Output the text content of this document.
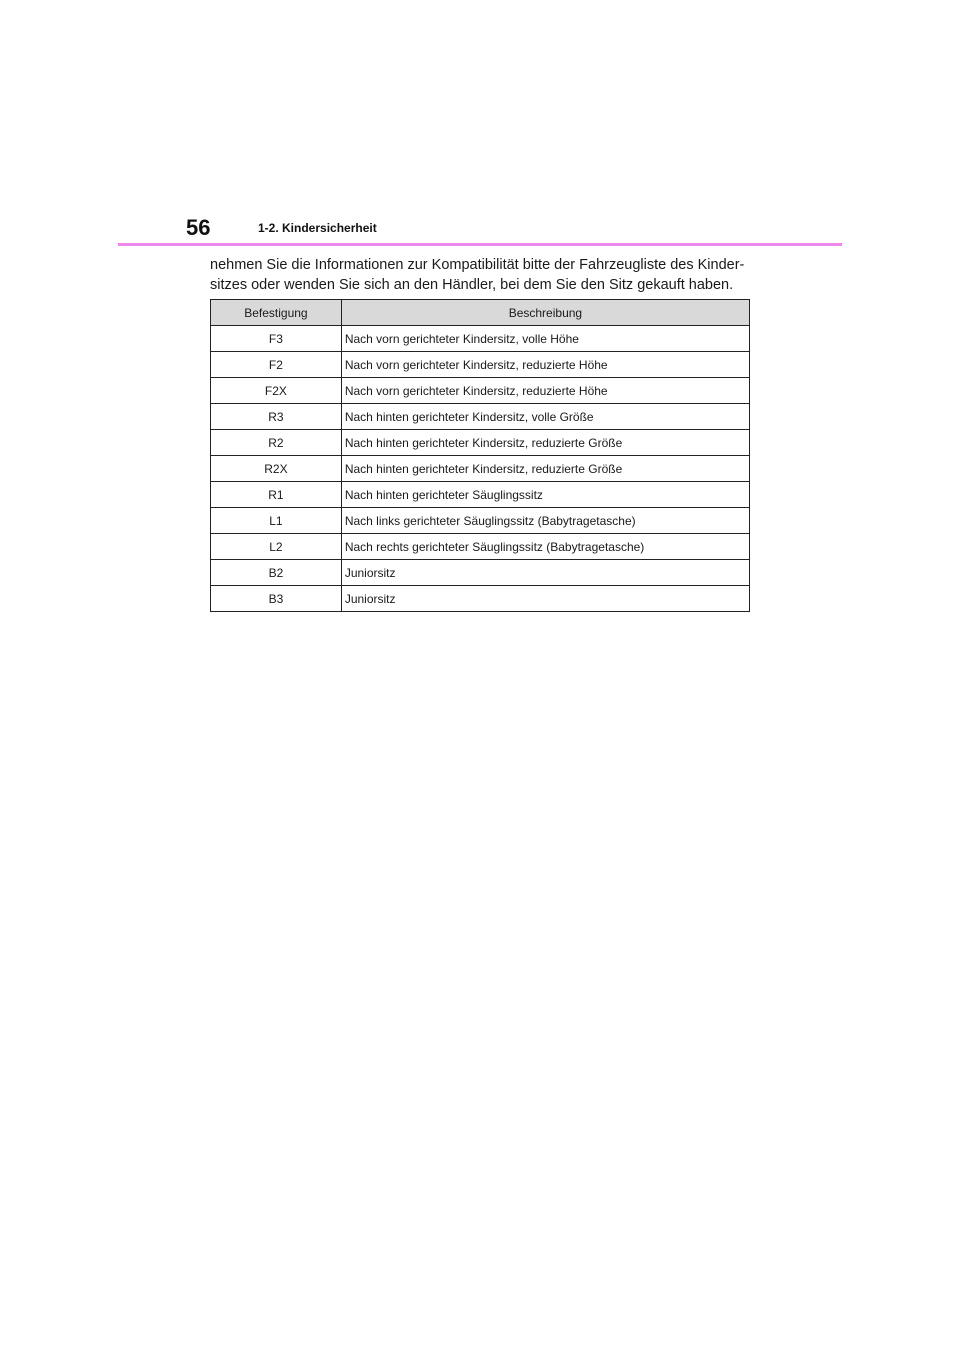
56	1-2. Kindersicherheit

nehmen Sie die Informationen zur Kompatibilität bitte der Fahrzeugliste des Kinder-
sitzes oder wenden Sie sich an den Händler, bei dem Sie den Sitz gekauft haben.

Befestigung	Beschreibung
F3	Nach vorn gerichteter Kindersitz, volle Höhe
F2	Nach vorn gerichteter Kindersitz, reduzierte Höhe
F2X	Nach vorn gerichteter Kindersitz, reduzierte Höhe
R3	Nach hinten gerichteter Kindersitz, volle Größe
R2	Nach hinten gerichteter Kindersitz, reduzierte Größe
R2X	Nach hinten gerichteter Kindersitz, reduzierte Größe
R1	Nach hinten gerichteter Säuglingssitz
L1	Nach links gerichteter Säuglingssitz (Babytragetasche)
L2	Nach rechts gerichteter Säuglingssitz (Babytragetasche)
B2	Juniorsitz
B3	Juniorsitz
